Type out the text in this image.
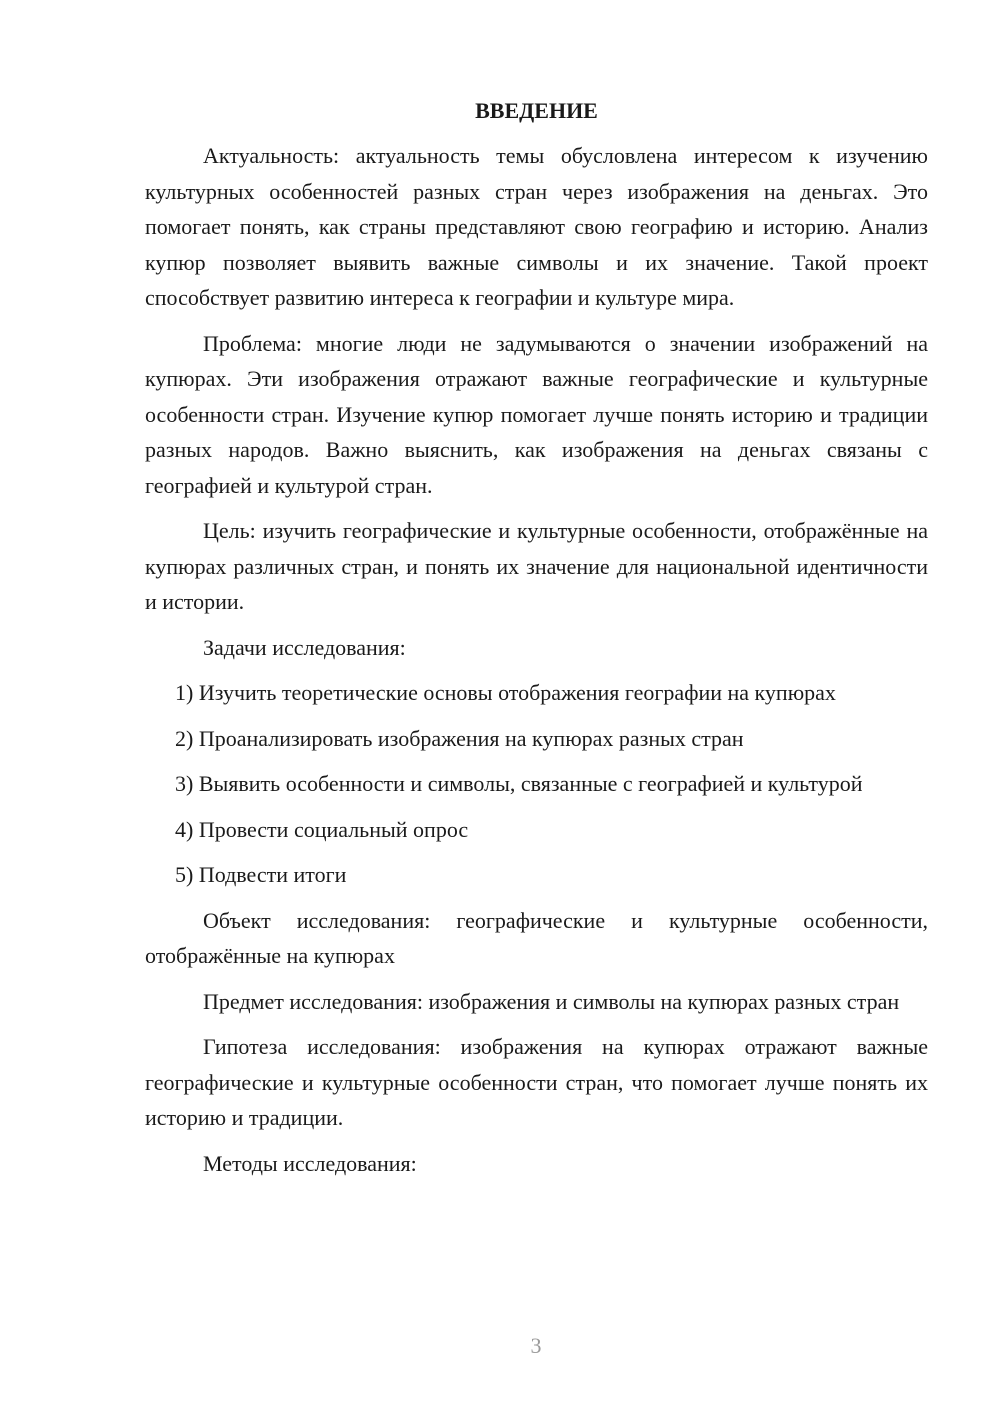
ВВЕДЕНИЕ

Актуальность: актуальность темы обусловлена интересом к изучению культурных особенностей разных стран через изображения на деньгах. Это помогает понять, как страны представляют свою географию и историю. Анализ купюр позволяет выявить важные символы и их значение. Такой проект способствует развитию интереса к географии и культуре мира.

Проблема: многие люди не задумываются о значении изображений на купюрах. Эти изображения отражают важные географические и культурные особенности стран. Изучение купюр помогает лучше понять историю и традиции разных народов. Важно выяснить, как изображения на деньгах связаны с географией и культурой стран.

Цель: изучить географические и культурные особенности, отображённые на купюрах различных стран, и понять их значение для национальной идентичности и истории.

Задачи исследования:

1) Изучить теоретические основы отображения географии на купюрах

2) Проанализировать изображения на купюрах разных стран

3) Выявить особенности и символы, связанные с географией и культурой

4) Провести социальный опрос

5) Подвести итоги

Объект исследования: географические и культурные особенности, отображённые на купюрах

Предмет исследования: изображения и символы на купюрах разных стран

Гипотеза исследования: изображения на купюрах отражают важные географические и культурные особенности стран, что помогает лучше понять их историю и традиции.

Методы исследования:

3
